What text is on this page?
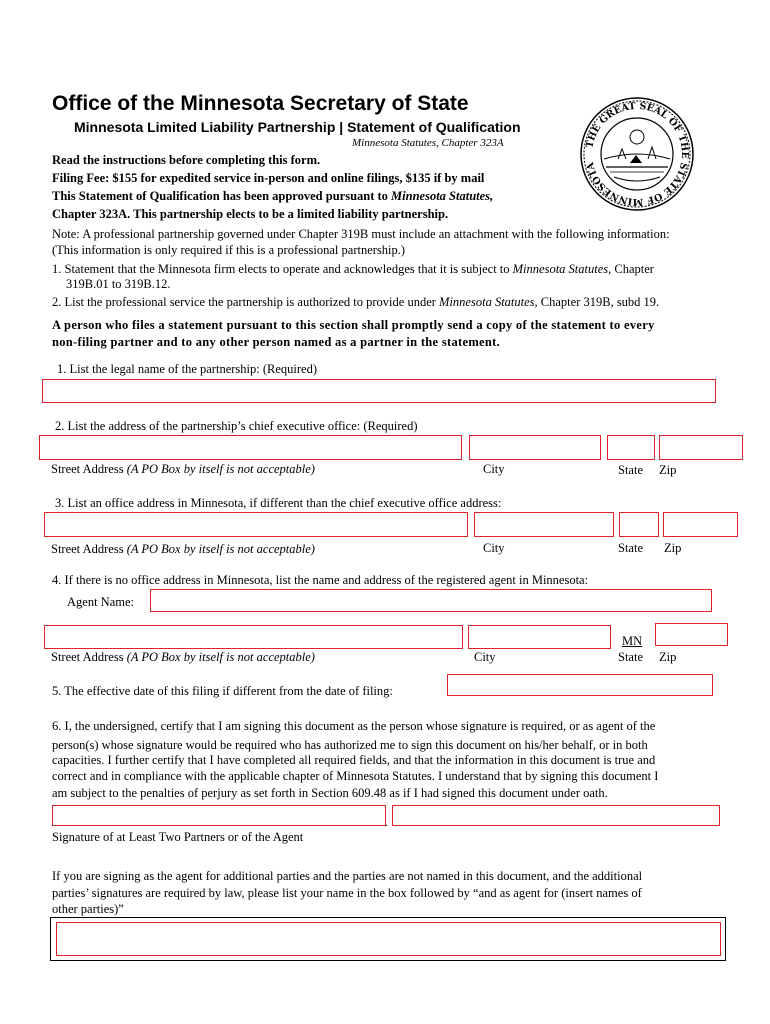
Office of the Minnesota Secretary of State
Minnesota Limited Liability Partnership | Statement of Qualification
Minnesota Statutes, Chapter 323A	THE GREAT SEAL OF THE STATE OF MINNESOTA
Read the instructions before completing this form.
Filing Fee: $155 for expedited service in-person and online filings, $135 if by mail
This Statement of Qualification has been approved pursuant to Minnesota Statutes,
Chapter 323A. This partnership elects to be a limited liability partnership.
Note: A professional partnership governed under Chapter 319B must include an attachment with the following information:
(This information is only required if this is a professional partnership.)
1. Statement that the Minnesota firm elects to operate and acknowledges that it is subject to Minnesota Statutes, Chapter
319B.01 to 319B.12.
2. List the professional service the partnership is authorized to provide under Minnesota Statutes, Chapter 319B, subd 19.
A person who files a statement pursuant to this section shall promptly send a copy of the statement to every
non-filing partner and to any other person named as a partner in the statement.
1. List the legal name of the partnership: (Required)
2. List the address of the partnership’s chief executive office: (Required)
Street Address (A PO Box by itself is not acceptable)	City	State Zip
3. List an office address in Minnesota, if different than the chief executive office address:
Street Address (A PO Box by itself is not acceptable)	City	State Zip
4. If there is no office address in Minnesota, list the name and address of the registered agent in Minnesota:
Agent Name:
MN
Street Address (A PO Box by itself is not acceptable)	City	State Zip
5. The effective date of this filing if different from the date of filing:
6. I, the undersigned, certify that I am signing this document as the person whose signature is required, or as agent of the
person(s) whose signature would be required who has authorized me to sign this document on his/her behalf, or in both
capacities. I further certify that I have completed all required fields, and that the information in this document is true and
correct and in compliance with the applicable chapter of Minnesota Statutes. I understand that by signing this document I
am subject to the penalties of perjury as set forth in Section 609.48 as if I had signed this document under oath.
Signature of at Least Two Partners or of the Agent
If you are signing as the agent for additional parties and the parties are not named in this document, and the additional
parties’ signatures are required by law, please list your name in the box followed by “and as agent for (insert names of
other parties)”
